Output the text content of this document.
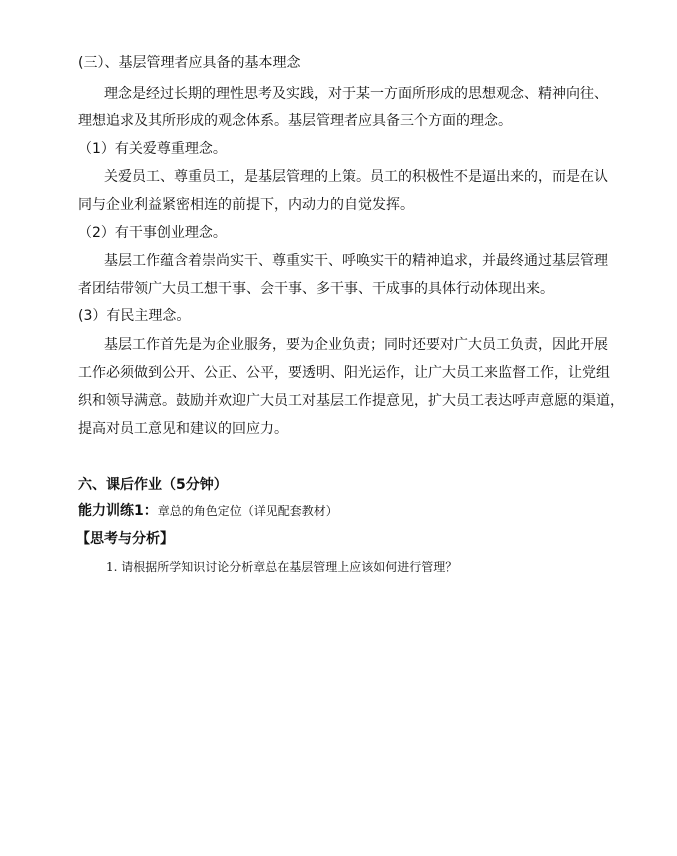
(三）、基层管理者应具备的基本理念
理念是经过长期的理性思考及实践，对于某一方面所形成的思想观念、精神向往、
理想追求及其所形成的观念体系。基层管理者应具备三个方面的理念。
（1）有关爱尊重理念。
关爱员工、尊重员工，是基层管理的上策。员工的积极性不是逼出来的，而是在认
同与企业利益紧密相连的前提下，内动力的自觉发挥。
（2）有干事创业理念。
基层工作蕴含着崇尚实干、尊重实干、呼唤实干的精神追求，并最终通过基层管理
者团结带领广大员工想干事、会干事、多干事、干成事的具体行动体现出来。
(3）有民主理念。
基层工作首先是为企业服务，要为企业负责；同时还要对广大员工负责，因此开展
工作必须做到公开、公正、公平，要透明、阳光运作，让广大员工来监督工作，让党组
织和领导满意。鼓励并欢迎广大员工对基层工作提意见，扩大员工表达呼声意愿的渠道，
提高对员工意见和建议的回应力。
六、课后作业（5分钟）
能力训练1：章总的角色定位（详见配套教材）
【思考与分析】
1. 请根据所学知识讨论分析章总在基层管理上应该如何进行管理？
